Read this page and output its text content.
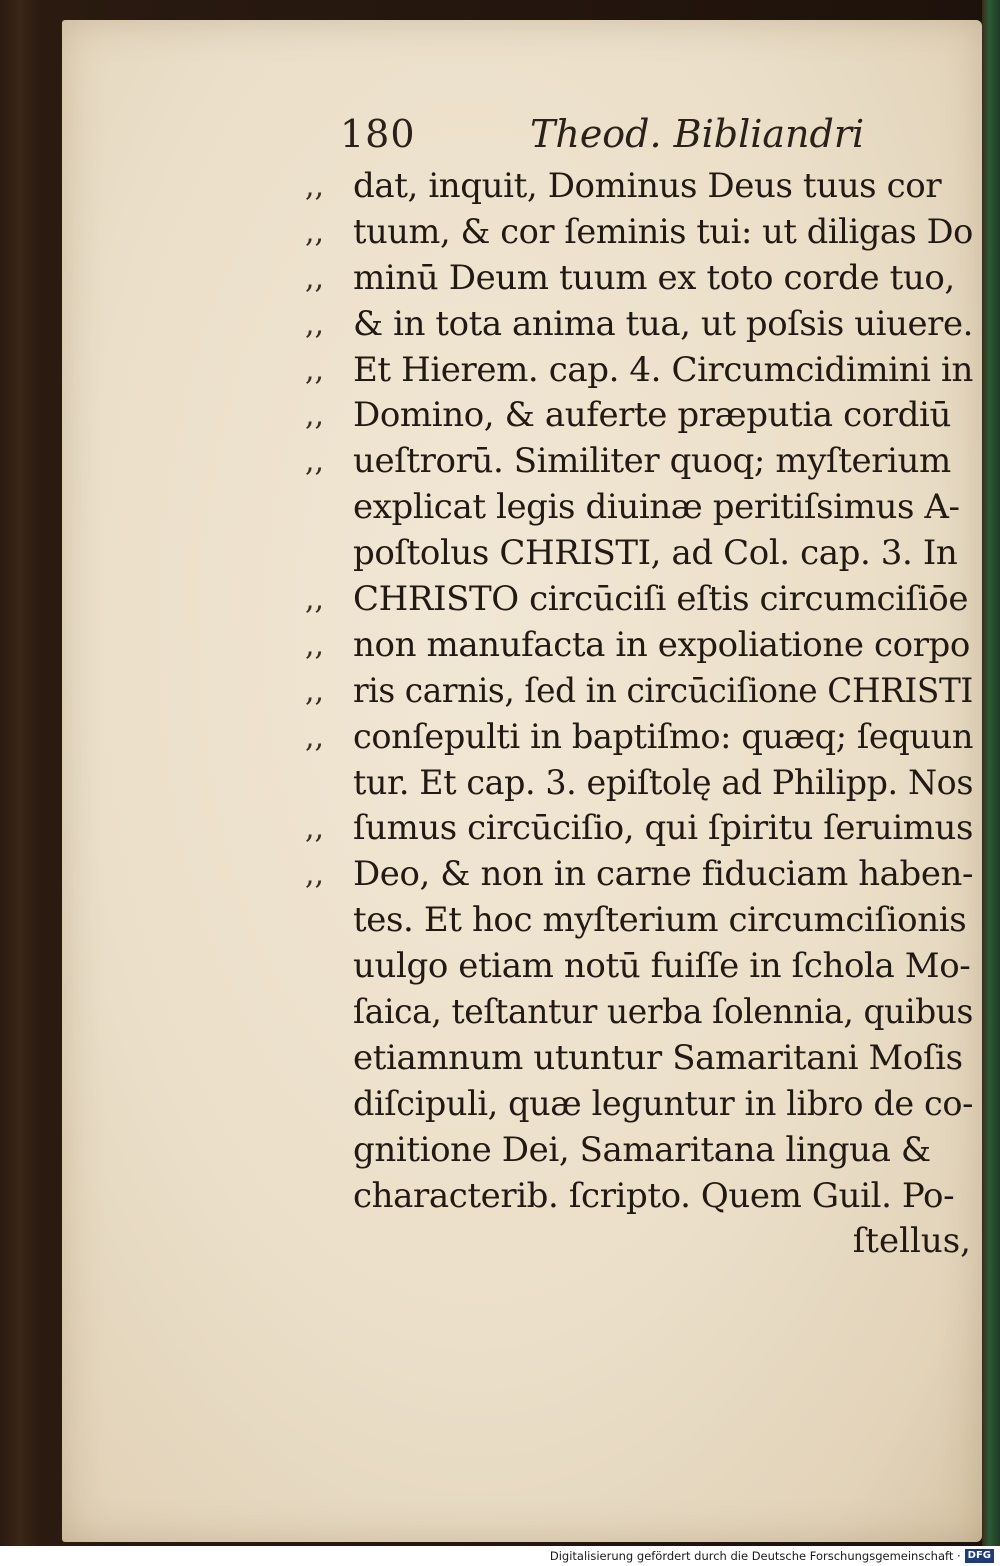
180	Theod. Bibliandri
,, dat, inquit, Dominus Deus tuus cor
,, tuum, & cor ſeminis tui: ut diligas Do
,, minū Deum tuum ex toto corde tuo,
,, & in tota anima tua, ut poſsis uiuere.
,, Et Hierem. cap. 4. Circumcidimini in
,, Domino, & auferte præputia cordiū
,, ueſtrorū. Similiter quoq; myſterium
explicat legis diuinæ peritiſsimus A-
poſtolus CHRISTI, ad Col. cap. 3. In
,, CHRISTO circūciſi eſtis circumciſiōe
,, non manufacta in expoliatione corpo
,, ris carnis, ſed in circūciſione CHRISTI
,, conſepulti in baptiſmo: quæq; ſequun
tur. Et cap. 3. epiſtolę ad Philipp. Nos
,, ſumus circūciſio, qui ſpiritu ſeruimus
,, Deo, & non in carne fiduciam haben-
tes. Et hoc myſterium circumciſionis
uulgo etiam notū fuiſſe in ſchola Mo-
ſaica, teſtantur uerba ſolennia, quibus
etiamnum utuntur Samaritani Moſis
diſcipuli, quæ leguntur in libro de co-
gnitione Dei, Samaritana lingua &
characterib. ſcripto. Quem Guil. Po-
ſtellus,
Digitalisierung gefördert durch die Deutsche Forschungsgemeinschaft · DFG
